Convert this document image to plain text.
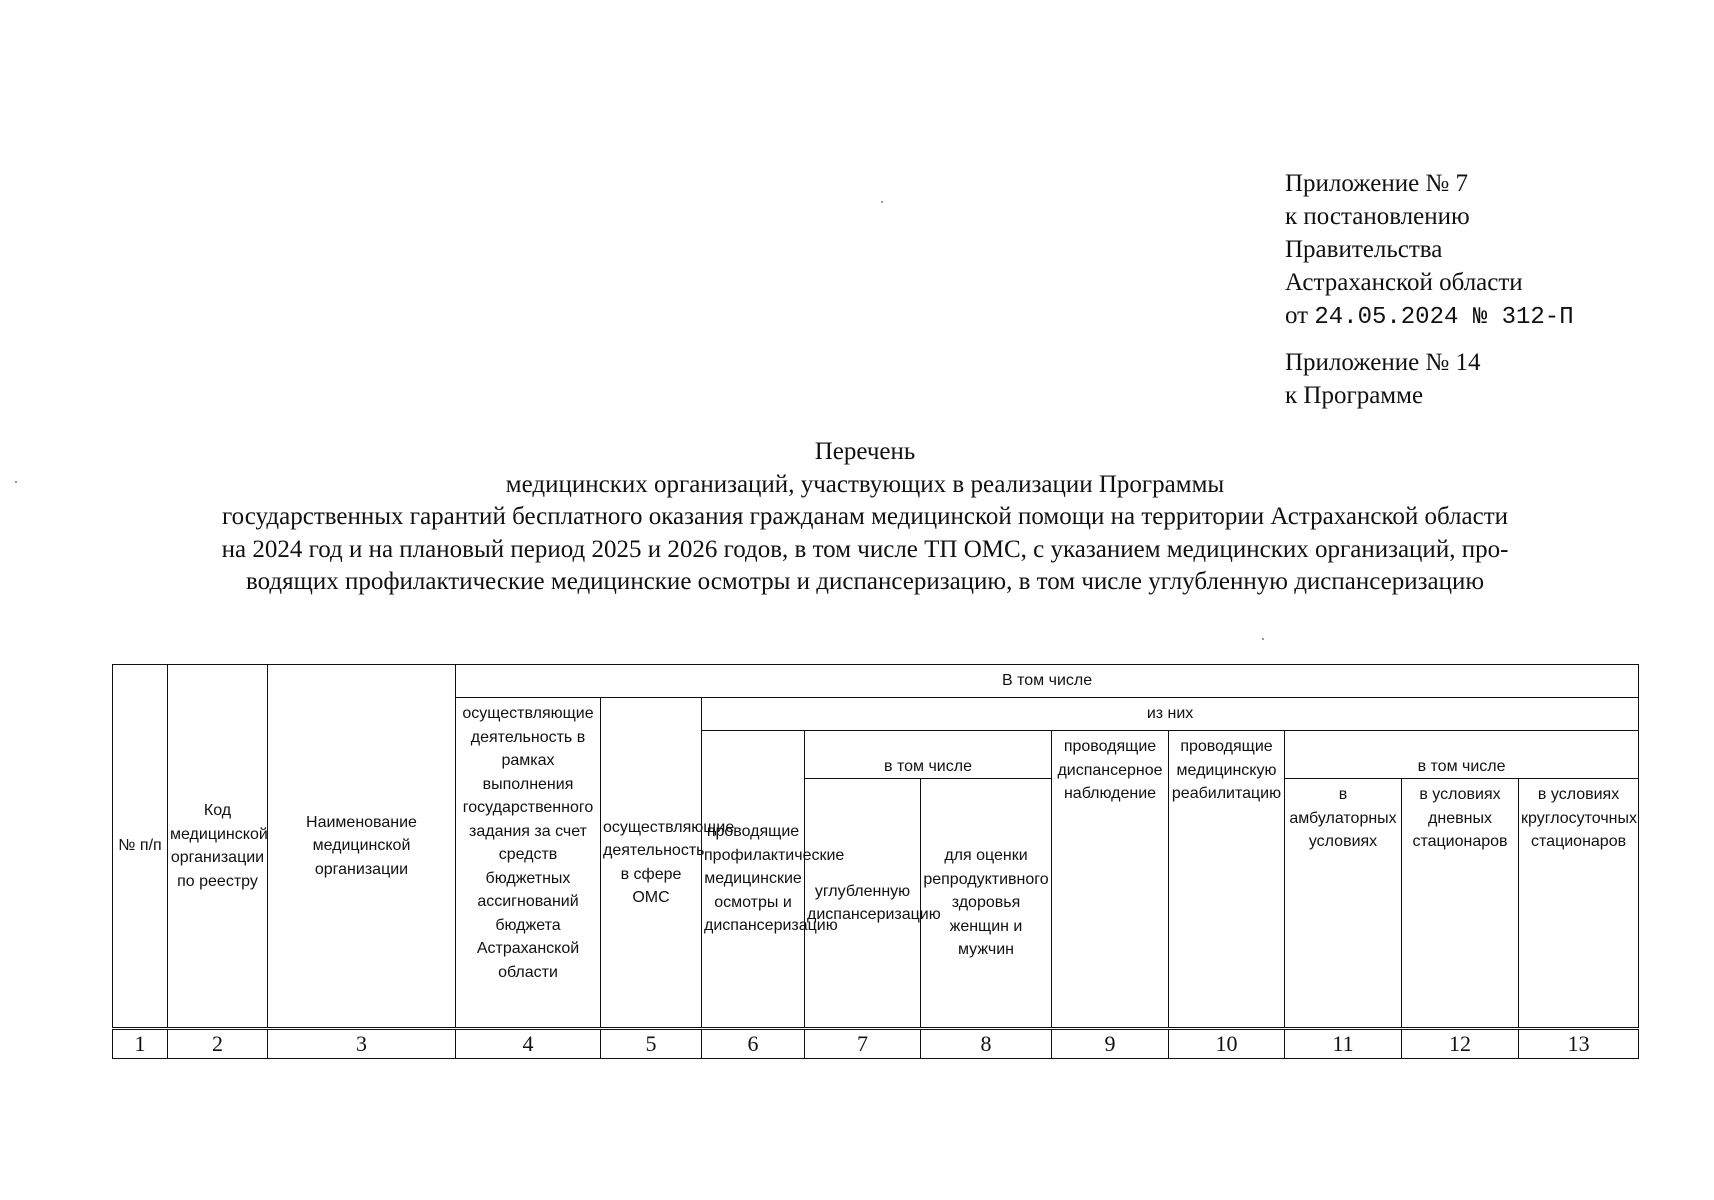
Приложение № 7
к постановлению
Правительства
Астраханской области
от 24.05.2024 № 312-П
Приложение № 14
к Программе
Перечень
медицинских организаций, участвующих в реализации Программы
государственных гарантий бесплатного оказания гражданам медицинской помощи на территории Астраханской области
на 2024 год и на плановый период 2025 и 2026 годов, в том числе ТП ОМС, с указанием медицинских организаций, про-
водящих профилактические медицинские осмотры и диспансеризацию, в том числе углубленную диспансеризацию
№ п/п	Код медицинской организации по реестру	Наименование медицинской организации	В том числе									
			осуществляющие деятельность в рамках выполнения государственного задания за счет средств бюджетных ассигнований бюджета Астраханской области	осуществляющие деятельность в сфере ОМС	из них							
					проводящие профилактические медицинские осмотры и диспансеризацию	в том числе		проводящие диспансерное наблюдение	проводящие медицинскую реабилитацию	в том числе		
						углубленную диспансеризацию	для оценки репродуктивного здоровья женщин и мужчин			в амбулаторных условиях	в условиях дневных стационаров	в условиях круглосуточных стационаров
1	2	3	4	5	6	7	8	9	10	11	12	13
